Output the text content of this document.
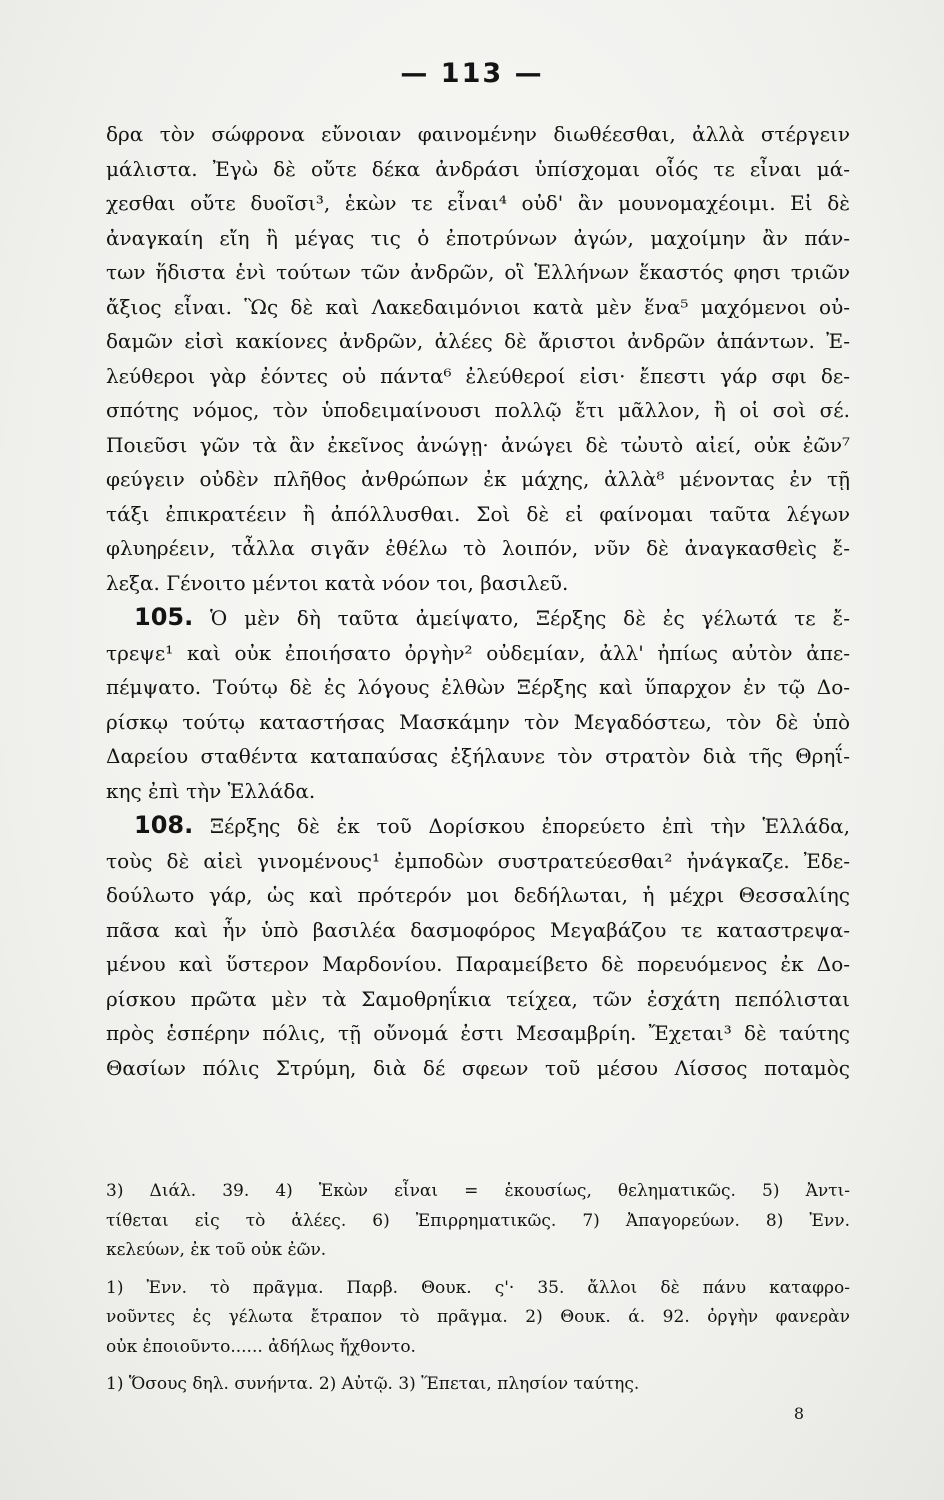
— 113 —
δρα τὸν σώφρονα εὔνοιαν φαινομένην διωθέεσθαι, ἀλλὰ στέργειν
μάλιστα. Ἐγὼ δὲ οὔτε δέκα ἀνδράσι ὑπίσχομαι οἷός τε εἶναι μά-
χεσθαι οὔτε δυοῖσι³, ἑκὼν τε εἶναι⁴ οὐδ' ἂν μουνομαχέοιμι. Εἰ δὲ
ἀναγκαίη εἴη ἢ μέγας τις ὁ ἐποτρύνων ἀγών, μαχοίμην ἂν πάν-
των ἥδιστα ἑνὶ τούτων τῶν ἀνδρῶν, οἳ Ἑλλήνων ἕκαστός φησι τριῶν
ἄξιος εἶναι. Ὣς δὲ καὶ Λακεδαιμόνιοι κατὰ μὲν ἕνα⁵ μαχόμενοι οὐ-
δαμῶν εἰσὶ κακίονες ἀνδρῶν, ἁλέες δὲ ἄριστοι ἀνδρῶν ἁπάντων. Ἐ-
λεύθεροι γὰρ ἐόντες οὐ πάντα⁶ ἐλεύθεροί εἰσι· ἔπεστι γάρ σφι δε-
σπότης νόμος, τὸν ὑποδειμαίνουσι πολλῷ ἔτι μᾶλλον, ἢ οἱ σοὶ σέ.
Ποιεῦσι γῶν τὰ ἂν ἐκεῖνος ἀνώγῃ· ἀνώγει δὲ τὠυτὸ αἰεί, οὐκ ἐῶν⁷
φεύγειν οὐδὲν πλῆθος ἀνθρώπων ἐκ μάχης, ἀλλὰ⁸ μένοντας ἐν τῇ
τάξι ἐπικρατέειν ἢ ἀπόλλυσθαι. Σοὶ δὲ εἰ φαίνομαι ταῦτα λέγων
φλυηρέειν, τἆλλα σιγᾶν ἐθέλω τὸ λοιπόν, νῦν δὲ ἀναγκασθεὶς ἔ-
λεξα. Γένοιτο μέντοι κατὰ νόον τοι, βασιλεῦ.
105. Ὁ μὲν δὴ ταῦτα ἀμείψατο, Ξέρξης δὲ ἐς γέλωτά τε ἔ-
τρεψε¹ καὶ οὐκ ἐποιήσατο ὀργὴν² οὐδεμίαν, ἀλλ' ἠπίως αὐτὸν ἀπε-
πέμψατο. Τούτῳ δὲ ἐς λόγους ἐλθὼν Ξέρξης καὶ ὕπαρχον ἐν τῷ Δο-
ρίσκῳ τούτῳ καταστήσας Μασκάμην τὸν Μεγαδόστεω, τὸν δὲ ὑπὸ
Δαρείου σταθέντα καταπαύσας ἐξήλαυνε τὸν στρατὸν διὰ τῆς Θρηΐ-
κης ἐπὶ τὴν Ἑλλάδα.
108. Ξέρξης δὲ ἐκ τοῦ Δορίσκου ἐπορεύετο ἐπὶ τὴν Ἑλλάδα,
τοὺς δὲ αἰεὶ γινομένους¹ ἐμποδὼν συστρατεύεσθαι² ἠνάγκαζε. Ἐδε-
δούλωτο γάρ, ὡς καὶ πρότερόν μοι δεδήλωται, ἡ μέχρι Θεσσαλίης
πᾶσα καὶ ἦν ὑπὸ βασιλέα δασμοφόρος Μεγαβάζου τε καταστρεψα-
μένου καὶ ὕστερον Μαρδονίου. Παραμείβετο δὲ πορευόμενος ἐκ Δο-
ρίσκου πρῶτα μὲν τὰ Σαμοθρηΐκια τείχεα, τῶν ἐσχάτη πεπόλισται
πρὸς ἑσπέρην πόλις, τῇ οὔνομά ἐστι Μεσαμβρίη. Ἔχεται³ δὲ ταύτης
Θασίων πόλις Στρύμη, διὰ δέ σφεων τοῦ μέσου Λίσσος ποταμὸς
3) Διάλ. 39. 4) Ἑκὼν εἶναι = ἑκουσίως, θεληματικῶς. 5) Ἀντι-
τίθεται εἰς τὸ ἁλέες. 6) Ἐπιρρηματικῶς. 7) Ἀπαγορεύων. 8) Ἐνν.
κελεύων, ἐκ τοῦ οὐκ ἐῶν.
1) Ἐνν. τὸ πρᾶγμα. Παρβ. Θουκ. ς'· 35. ἄλλοι δὲ πάνυ καταφρο-
νοῦντες ἐς γέλωτα ἔτραπον τὸ πρᾶγμα. 2) Θουκ. ά. 92. ὀργὴν φανερὰν
οὐκ ἐποιοῦντο...... ἀδήλως ἤχθοντο.
1) Ὅσους δηλ. συνήντα. 2) Αὐτῷ. 3) Ἕπεται, πλησίον ταύτης.
8
